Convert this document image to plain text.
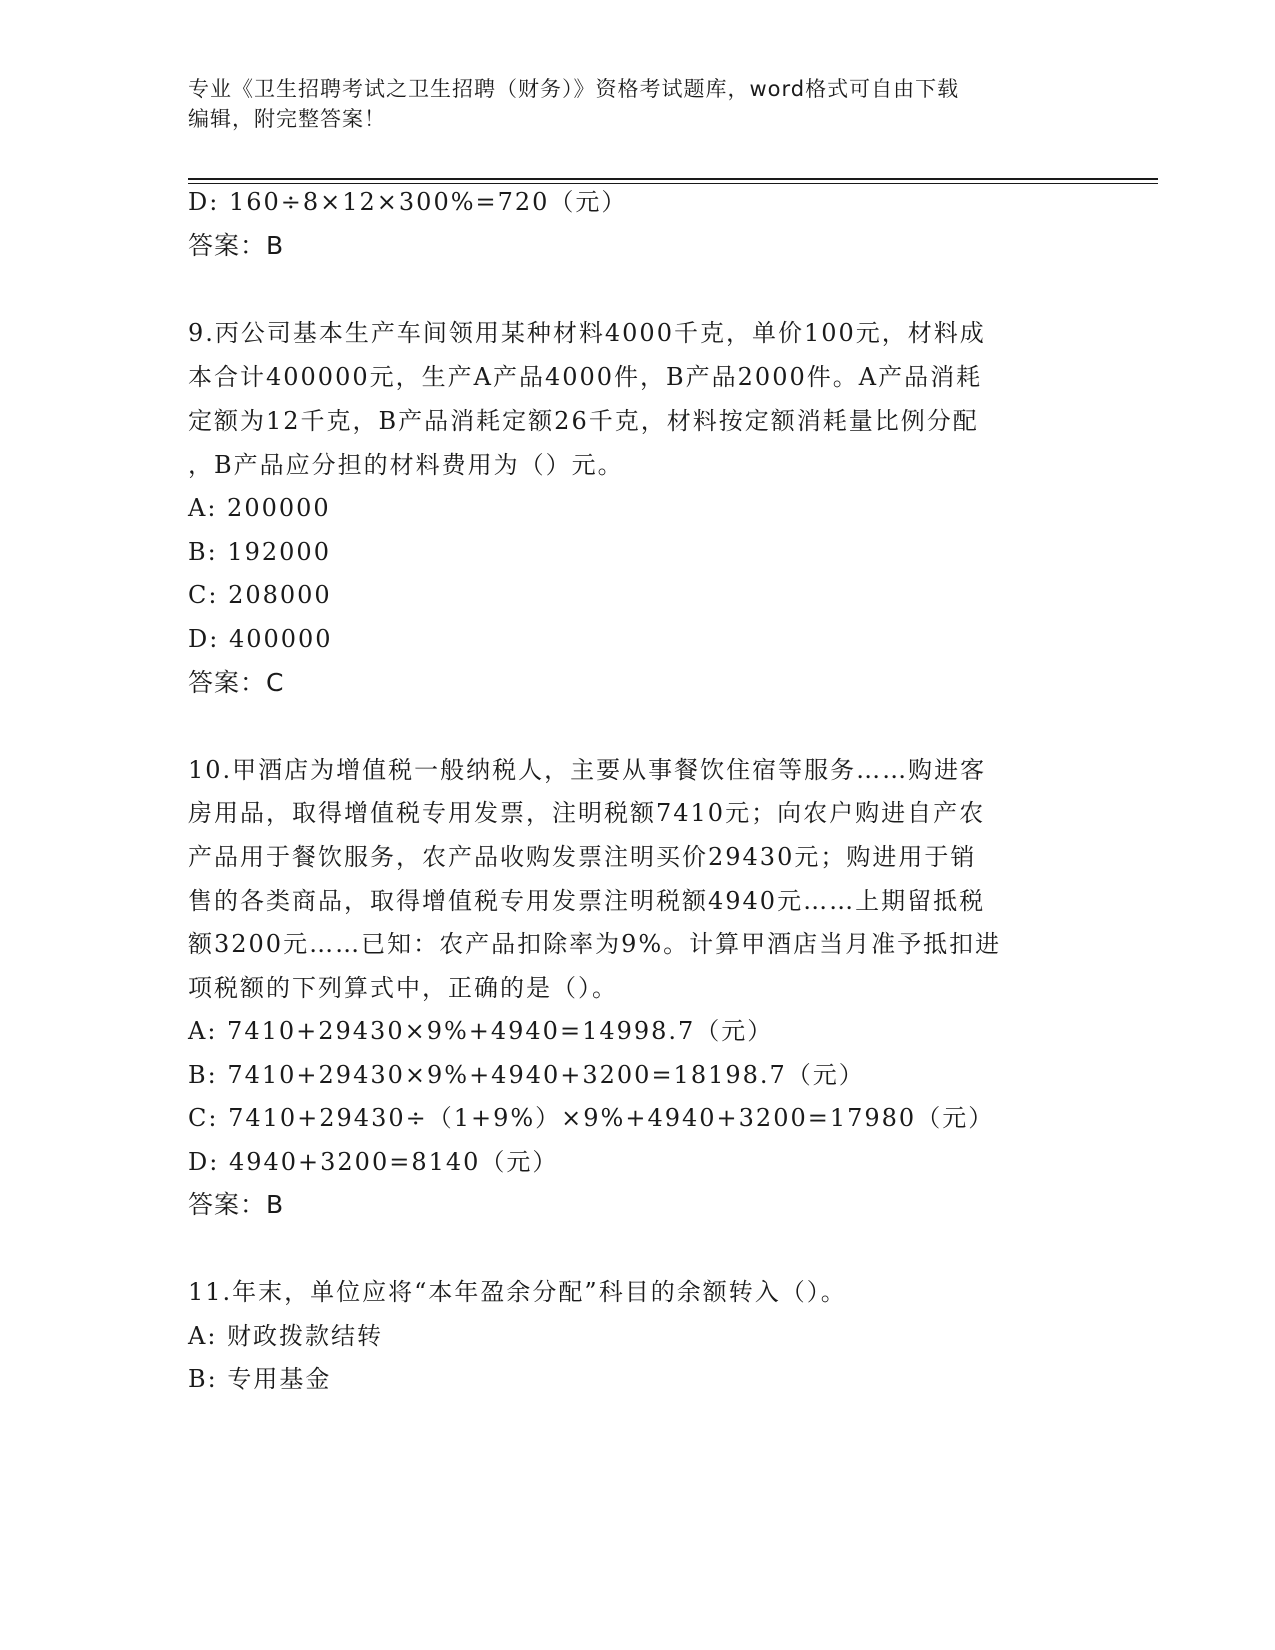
专业《卫生招聘考试之卫生招聘（财务）》资格考试题库，word格式可自由下载
编辑，附完整答案！
D: 160÷8×12×300%=720（元）
答案：B
9.丙公司基本生产车间领用某种材料4000千克，单价100元，材料成
本合计400000元，生产A产品4000件，B产品2000件。A产品消耗
定额为12千克，B产品消耗定额26千克，材料按定额消耗量比例分配
，B产品应分担的材料费用为（）元。
A: 200000
B: 192000
C: 208000
D: 400000
答案：C
10.甲酒店为增值税一般纳税人，主要从事餐饮住宿等服务……购进客
房用品，取得增值税专用发票，注明税额7410元；向农户购进自产农
产品用于餐饮服务，农产品收购发票注明买价29430元；购进用于销
售的各类商品，取得增值税专用发票注明税额4940元……上期留抵税
额3200元……已知：农产品扣除率为9%。计算甲酒店当月准予抵扣进
项税额的下列算式中，正确的是（）。
A: 7410+29430×9%+4940=14998.7（元）
B: 7410+29430×9%+4940+3200=18198.7（元）
C: 7410+29430÷（1+9%）×9%+4940+3200=17980（元）
D: 4940+3200=8140（元）
答案：B
11.年末，单位应将“本年盈余分配”科目的余额转入（）。
A: 财政拨款结转
B: 专用基金
